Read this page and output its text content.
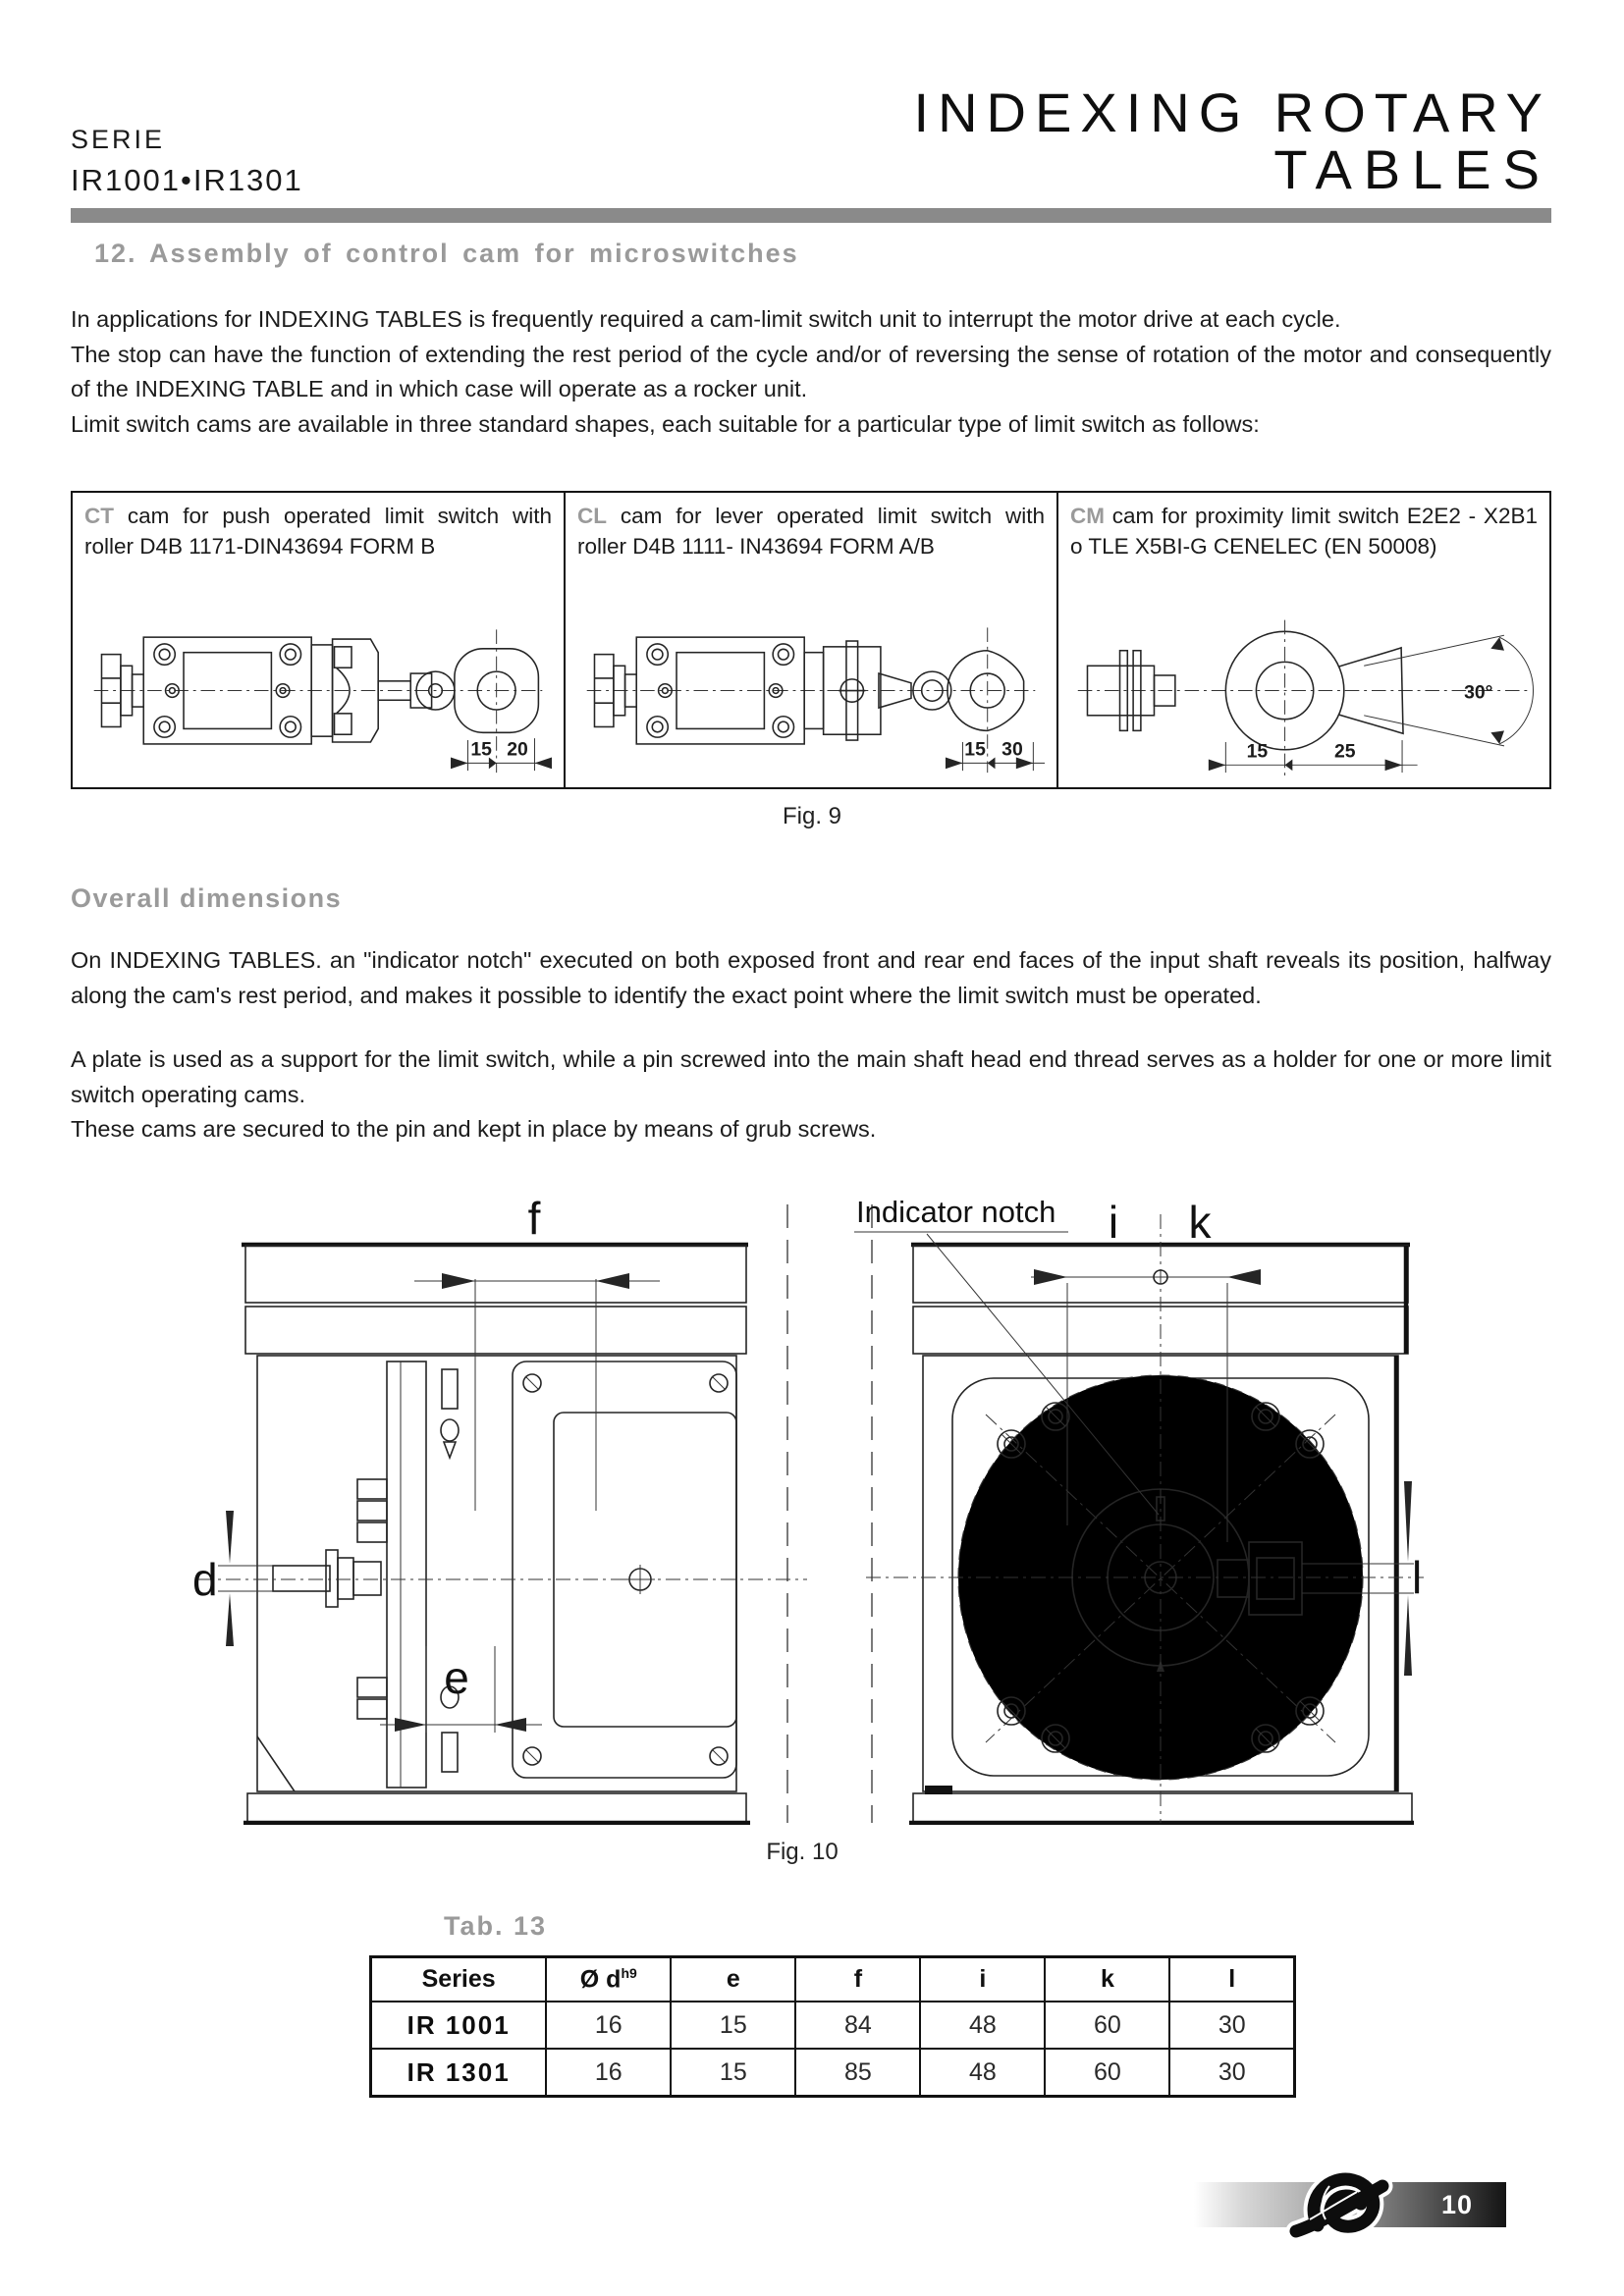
SERIE
IR1001•IR1301
INDEXING ROTARY
TABLES
12. Assembly of control cam for microswitches

In applications for INDEXING TABLES is frequently required a cam-limit switch unit to interrupt the motor drive at each cycle.

The stop can have the function of extending the rest period of the cycle and/or of reversing the sense of rotation of the motor and consequently of the INDEXING TABLE and in which case will operate as a rocker unit.

Limit switch cams are available in three standard shapes, each suitable for a particular type of limit switch as follows:

CT cam for push operated limit switch with roller D4B 1171-DIN43694 FORM B
15 20

CL cam for lever operated limit switch with roller D4B 1111- IN43694 FORM A/B
15 30

CM cam for proximity limit switch E2E2 - X2B1 o TLE X5BI-G CENELEC (EN 50008)
30°
15	25
Fig. 9
Overall dimensions

On INDEXING TABLES. an "indicator notch" executed on both exposed front and rear end faces of the input shaft reveals its position, halfway along the cam's rest period, and makes it possible to identify the exact point where the limit switch must be operated.

A plate is used as a support for the limit switch, while a pin screwed into the main shaft head end thread serves as a holder for one or more limit switch operating cams.

These cams are secured to the pin and kept in place by means of grub screws.

f
d
e
Indicator notch i k
l
Fig. 10
Tab. 13
Series	Ø $d^{h9}$	e	f	i	k	l
IR 1001	16	15	84	48	60	30
IR 1301	16	15	85	48	60	30
10
